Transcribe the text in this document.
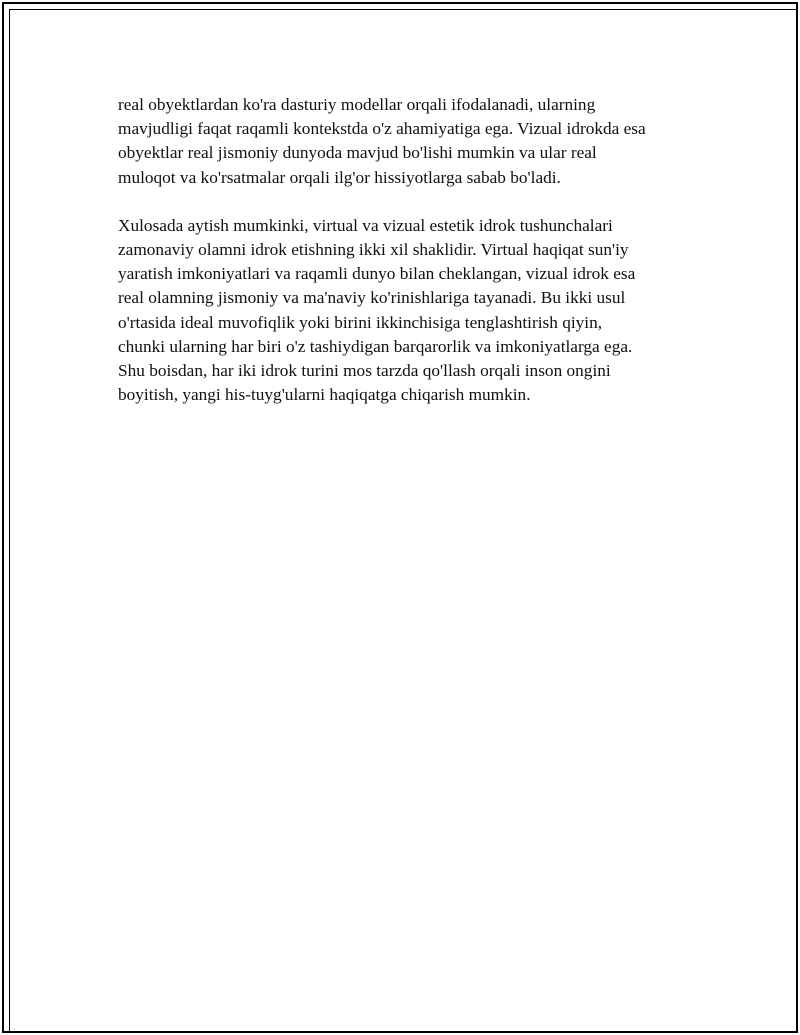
real obyektlardan ko'ra dasturiy modellar orqali ifodalanadi, ularning
mavjudligi faqat raqamli kontekstda o'z ahamiyatiga ega. Vizual idrokda esa
obyektlar real jismoniy dunyoda mavjud bo'lishi mumkin va ular real
muloqot va ko'rsatmalar orqali ilg'or hissiyotlarga sabab bo'ladi.
Xulosada aytish mumkinki, virtual va vizual estetik idrok tushunchalari
zamonaviy olamni idrok etishning ikki xil shaklidir. Virtual haqiqat sun'iy
yaratish imkoniyatlari va raqamli dunyo bilan cheklangan, vizual idrok esa
real olamning jismoniy va ma'naviy ko'rinishlariga tayanadi. Bu ikki usul
o'rtasida ideal muvofiqlik yoki birini ikkinchisiga tenglashtirish qiyin,
chunki ularning har biri o'z tashiydigan barqarorlik va imkoniyatlarga ega.
Shu boisdan, har iki idrok turini mos tarzda qo'llash orqali inson ongini
boyitish, yangi his-tuyg'ularni haqiqatga chiqarish mumkin.
